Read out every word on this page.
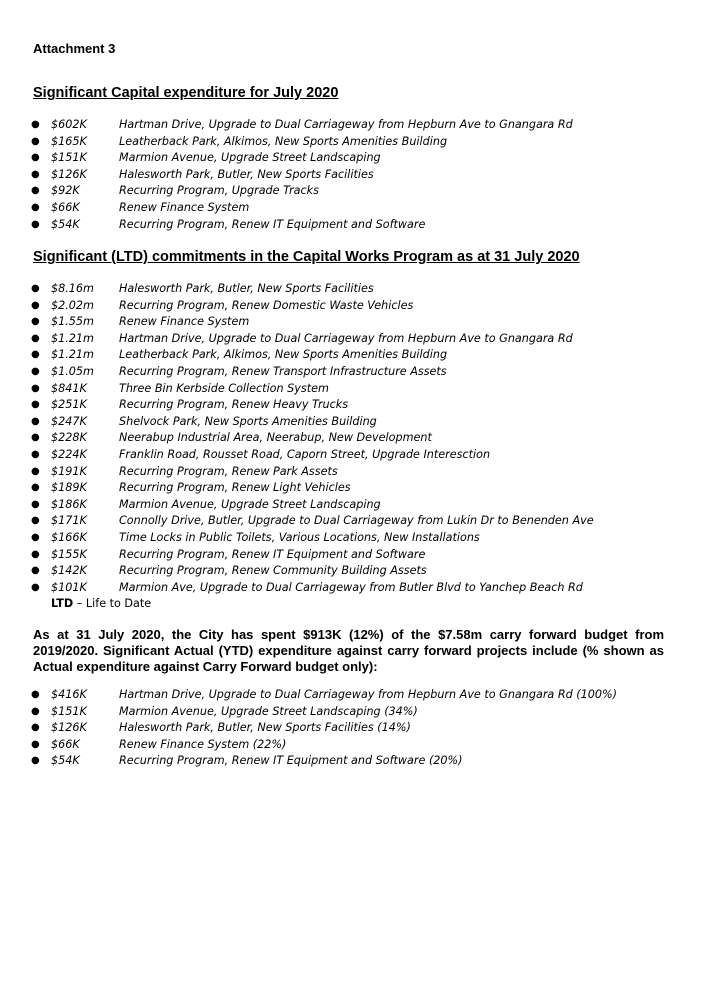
Attachment 3
Significant Capital expenditure for July 2020
● $602K	Hartman Drive, Upgrade to Dual Carriageway from Hepburn Ave to Gnangara Rd
● $165K	Leatherback Park, Alkimos, New Sports Amenities Building
● $151K	Marmion Avenue, Upgrade Street Landscaping
● $126K	Halesworth Park, Butler, New Sports Facilities
● $92K	Recurring Program, Upgrade Tracks
● $66K	Renew Finance System
● $54K	Recurring Program, Renew IT Equipment and Software
Significant (LTD) commitments in the Capital Works Program as at 31 July 2020
● $8.16m Halesworth Park, Butler, New Sports Facilities
● $2.02m Recurring Program, Renew Domestic Waste Vehicles
● $1.55m Renew Finance System
● $1.21m Hartman Drive, Upgrade to Dual Carriageway from Hepburn Ave to Gnangara Rd
● $1.21m Leatherback Park, Alkimos, New Sports Amenities Building
● $1.05m Recurring Program, Renew Transport Infrastructure Assets
● $841K	Three Bin Kerbside Collection System
● $251K	Recurring Program, Renew Heavy Trucks
● $247K	Shelvock Park, New Sports Amenities Building
● $228K	Neerabup Industrial Area, Neerabup, New Development
● $224K	Franklin Road, Rousset Road, Caporn Street, Upgrade Interesction
● $191K	Recurring Program, Renew Park Assets
● $189K	Recurring Program, Renew Light Vehicles
● $186K	Marmion Avenue, Upgrade Street Landscaping
● $171K	Connolly Drive, Butler, Upgrade to Dual Carriageway from Lukin Dr to Benenden Ave
● $166K	Time Locks in Public Toilets, Various Locations, New Installations
● $155K	Recurring Program, Renew IT Equipment and Software
● $142K	Recurring Program, Renew Community Building Assets
● $101K	Marmion Ave, Upgrade to Dual Carriageway from Butler Blvd to Yanchep Beach Rd
LTD – Life to Date
As at 31 July 2020, the City has spent $913K (12%) of the $7.58m carry forward budget from 2019/2020. Significant Actual (YTD) expenditure against carry forward projects include (% shown as Actual expenditure against Carry Forward budget only):
● $416K	Hartman Drive, Upgrade to Dual Carriageway from Hepburn Ave to Gnangara Rd (100%)
● $151K	Marmion Avenue, Upgrade Street Landscaping (34%)
● $126K	Halesworth Park, Butler, New Sports Facilities (14%)
● $66K	Renew Finance System (22%)
● $54K	Recurring Program, Renew IT Equipment and Software (20%)
